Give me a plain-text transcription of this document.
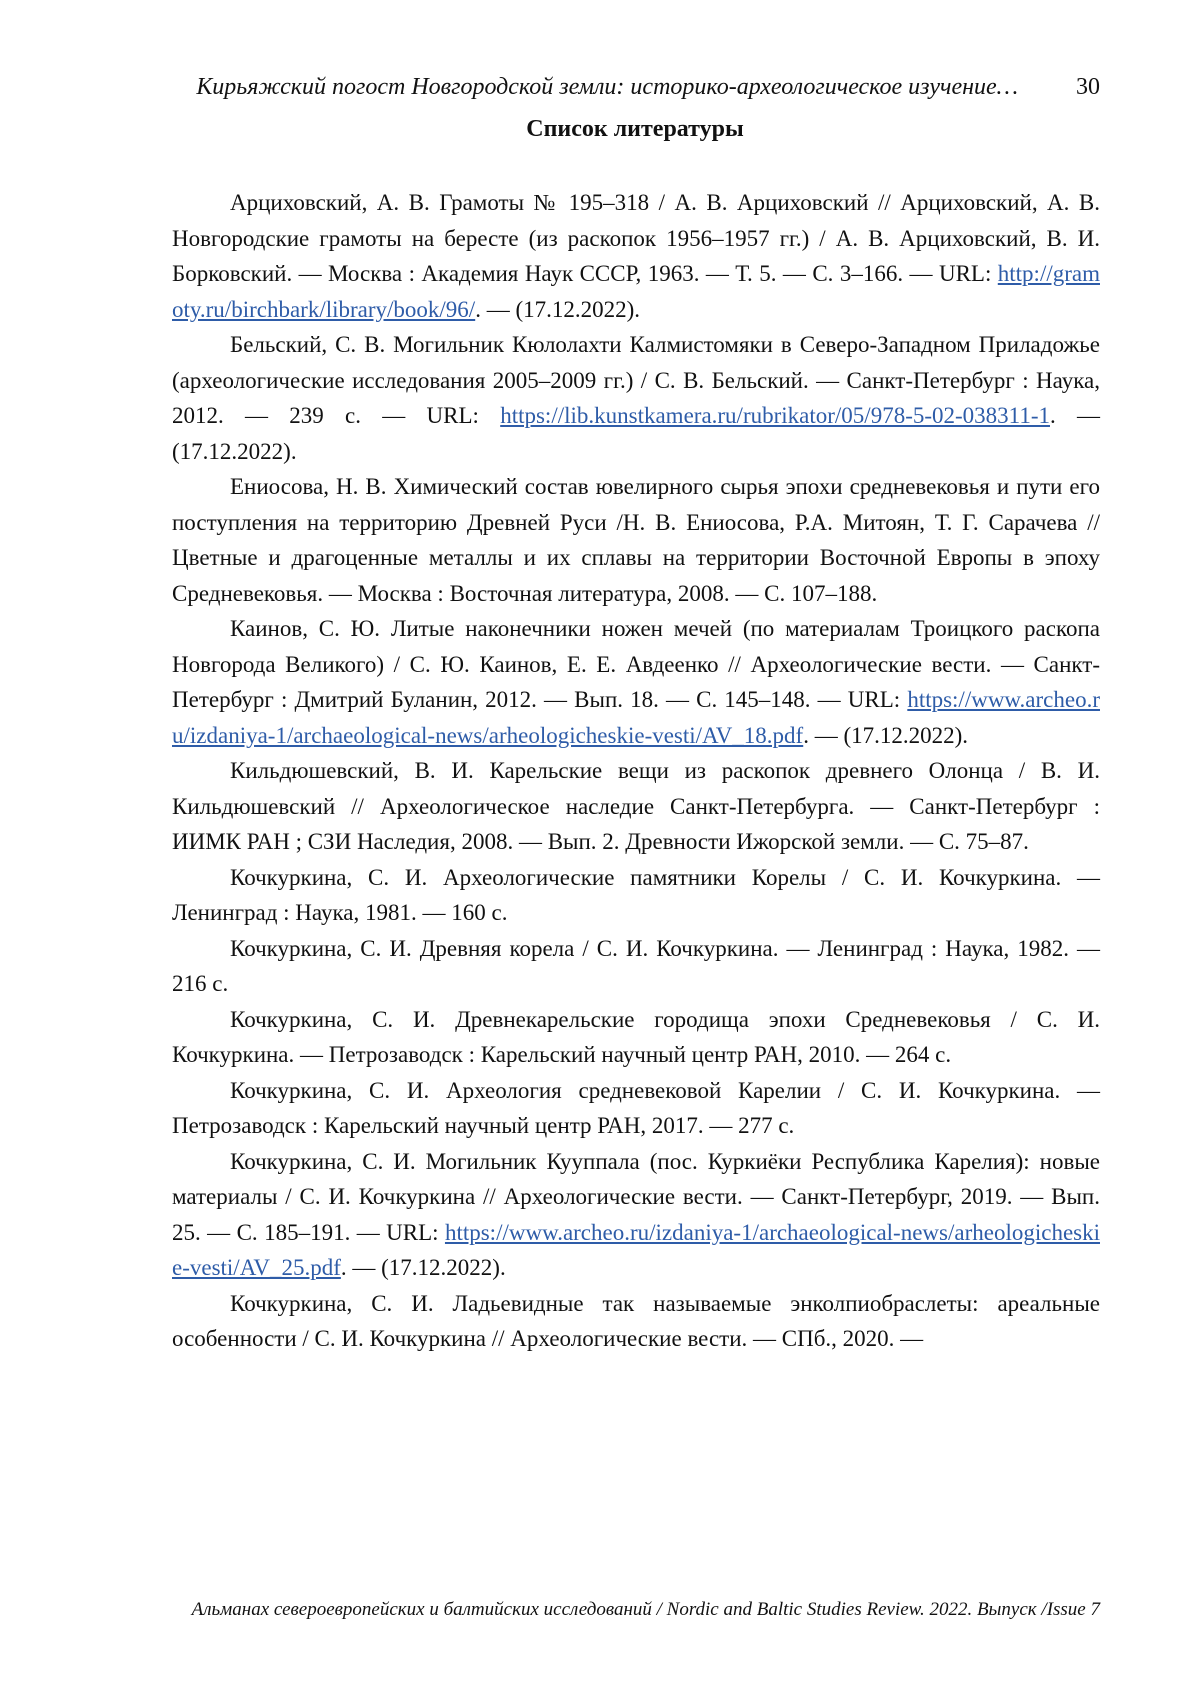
Кирьяжский погост Новгородской земли: историко-археологическое изучение… 30
Список литературы
Арциховский, А. В. Грамоты № 195–318 / А. В. Арциховский // Арциховский, А. В. Новгородские грамоты на бересте (из раскопок 1956–1957 гг.) / А. В. Арциховский, В. И. Борковский. — Москва : Академия Наук СССР, 1963. — Т. 5. — С. 3–166. — URL: http://gramoty.ru/birchbark/library/book/96/. — (17.12.2022).
Бельский, С. В. Могильник Кюлолахти Калмистомяки в Северо-Западном Приладожье (археологические исследования 2005–2009 гг.) / С. В. Бельский. — Санкт-Петербург : Наука, 2012. — 239 с. — URL: https://lib.kunstkamera.ru/rubrikator/05/978-5-02-038311-1. — (17.12.2022).
Ениосова, Н. В. Химический состав ювелирного сырья эпохи средневековья и пути его поступления на территорию Древней Руси /Н. В. Ениосова, Р.А. Митоян, Т. Г. Сарачева // Цветные и драгоценные металлы и их сплавы на территории Восточной Европы в эпоху Средневековья. — Москва : Восточная литература, 2008. — С. 107–188.
Каинов, С. Ю. Литые наконечники ножен мечей (по материалам Троицкого раскопа Новгорода Великого) / С. Ю. Каинов, Е. Е. Авдеенко // Археологические вести. — Санкт-Петербург : Дмитрий Буланин, 2012. — Вып. 18. — С. 145–148. — URL: https://www.archeo.ru/izdaniya-1/archaeological-news/arheologicheskie-vesti/AV_18.pdf. — (17.12.2022).
Кильдюшевский, В. И. Карельские вещи из раскопок древнего Олонца / В. И. Кильдюшевский // Археологическое наследие Санкт-Петербурга. — Санкт-Петербург : ИИМК РАН ; СЗИ Наследия, 2008. — Вып. 2. Древности Ижорской земли. — С. 75–87.
Кочкуркина, С. И. Археологические памятники Корелы / С. И. Кочкуркина. — Ленинград : Наука, 1981. — 160 с.
Кочкуркина, С. И. Древняя корела / С. И. Кочкуркина. — Ленинград : Наука, 1982. — 216 с.
Кочкуркина, С. И. Древнекарельские городища эпохи Средневековья / С. И. Кочкуркина. — Петрозаводск : Карельский научный центр РАН, 2010. — 264 с.
Кочкуркина, С. И. Археология средневековой Карелии / С. И. Кочкуркина. — Петрозаводск : Карельский научный центр РАН, 2017. — 277 с.
Кочкуркина, С. И. Могильник Кууппала (пос. Куркиёки Республика Карелия): новые материалы / С. И. Кочкуркина // Археологические вести. — Санкт-Петербург, 2019. — Вып. 25. — С. 185–191. — URL: https://www.archeo.ru/izdaniya-1/archaeological-news/arheologicheskie-vesti/AV_25.pdf. — (17.12.2022).
Кочкуркина, С. И. Ладьевидные так называемые энколпиобраслеты: ареальные особенности / С. И. Кочкуркина // Археологические вести. — СПб., 2020. —
Альманах североевропейских и балтийских исследований / Nordic and Baltic Studies Review. 2022. Выпуск /Issue 7
